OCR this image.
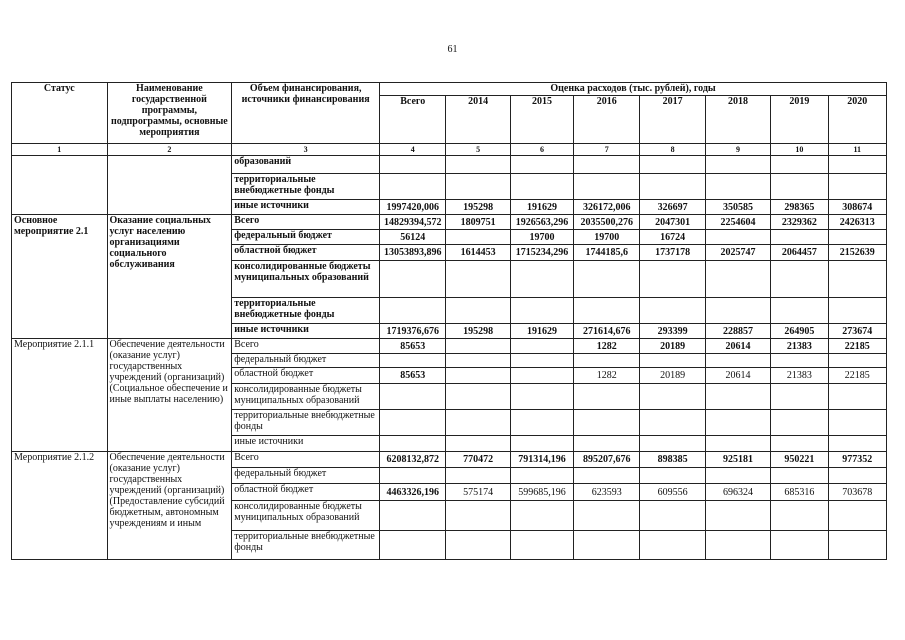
61
Статус	Наименование государственной программы, подпрограммы, основные мероприятия	Объем финансирования, источники финансирования	Оценка расходов (тыс. рублей), годы							
			Всего	2014	2015	2016	2017	2018	2019	2020
1	2	3	4	5	6	7	8	9	10	11
		образований								
		территориальные внебюджетные фонды								
		иные источники	1997420,006	195298	191629	326172,006	326697	350585	298365	308674
Основное мероприятие 2.1	Оказание социальных услуг населению организациями социального обслуживания	Всего	14829394,572	1809751	1926563,296	2035500,276	2047301	2254604	2329362	2426313
		федеральный бюджет	56124		19700	19700	16724			
		областной бюджет	13053893,896	1614453	1715234,296	1744185,6	1737178	2025747	2064457	2152639
		консолидированные бюджеты муниципальных образований								
		территориальные внебюджетные фонды								
		иные источники	1719376,676	195298	191629	271614,676	293399	228857	264905	273674
Мероприятие 2.1.1	Обеспечение деятельности (оказание услуг) государственных учреждений (организаций) (Социальное обеспечение и иные выплаты населению)	Всего	85653			1282	20189	20614	21383	22185
		федеральный бюджет								
		областной бюджет	85653			1282	20189	20614	21383	22185
		консолидированные бюджеты муниципальных образований								
		территориальные внебюджетные фонды								
		иные источники								
Мероприятие 2.1.2	Обеспечение деятельности (оказание услуг) государственных учреждений (организаций) (Предоставление субсидий бюджетным, автономным учреждениям и иным	Всего	6208132,872	770472	791314,196	895207,676	898385	925181	950221	977352
		федеральный бюджет								
		областной бюджет	4463326,196	575174	599685,196	623593	609556	696324	685316	703678
		консолидированные бюджеты муниципальных образований								
		территориальные внебюджетные фонды								
